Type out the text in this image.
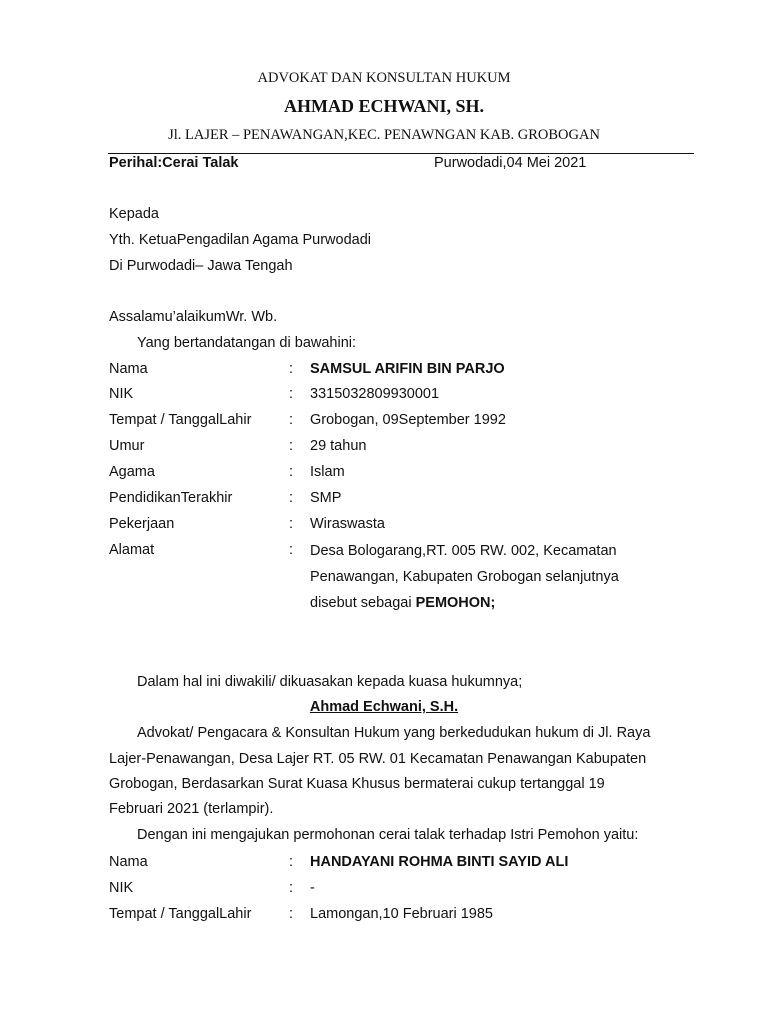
ADVOKAT DAN KONSULTAN HUKUM
AHMAD ECHWANI, SH.
Jl. LAJER – PENAWANGAN,KEC. PENAWNGAN KAB. GROBOGAN
Perihal:Cerai Talak	Purwodadi,04 Mei 2021
Kepada
Yth. KetuaPengadilan Agama Purwodadi
Di Purwodadi– Jawa Tengah
Assalamu’alaikumWr. Wb.
Yang bertandatangan di bawahini:
Nama	: SAMSUL ARIFIN BIN PARJO
NIK	: 3315032809930001
Tempat / TanggalLahir	: Grobogan, 09September 1992
Umur	: 29 tahun
Agama	: Islam
PendidikanTerakhir	: SMP
Pekerjaan	: Wiraswasta
Alamat	: Desa Bologarang,RT. 005 RW. 002, Kecamatan
Penawangan, Kabupaten Grobogan selanjutnya
disebut sebagai PEMOHON;
Dalam hal ini diwakili/ dikuasakan kepada kuasa hukumnya;
Ahmad Echwani, S.H.
Advokat/ Pengacara & Konsultan Hukum yang berkedudukan hukum di Jl. Raya
Lajer-Penawangan, Desa Lajer RT. 05 RW. 01 Kecamatan Penawangan Kabupaten
Grobogan, Berdasarkan Surat Kuasa Khusus bermaterai cukup tertanggal 19
Februari 2021 (terlampir).
Dengan ini mengajukan permohonan cerai talak terhadap Istri Pemohon yaitu:
Nama	: HANDAYANI ROHMA BINTI SAYID ALI
NIK	: -
Tempat / TanggalLahir	: Lamongan,10 Februari 1985
